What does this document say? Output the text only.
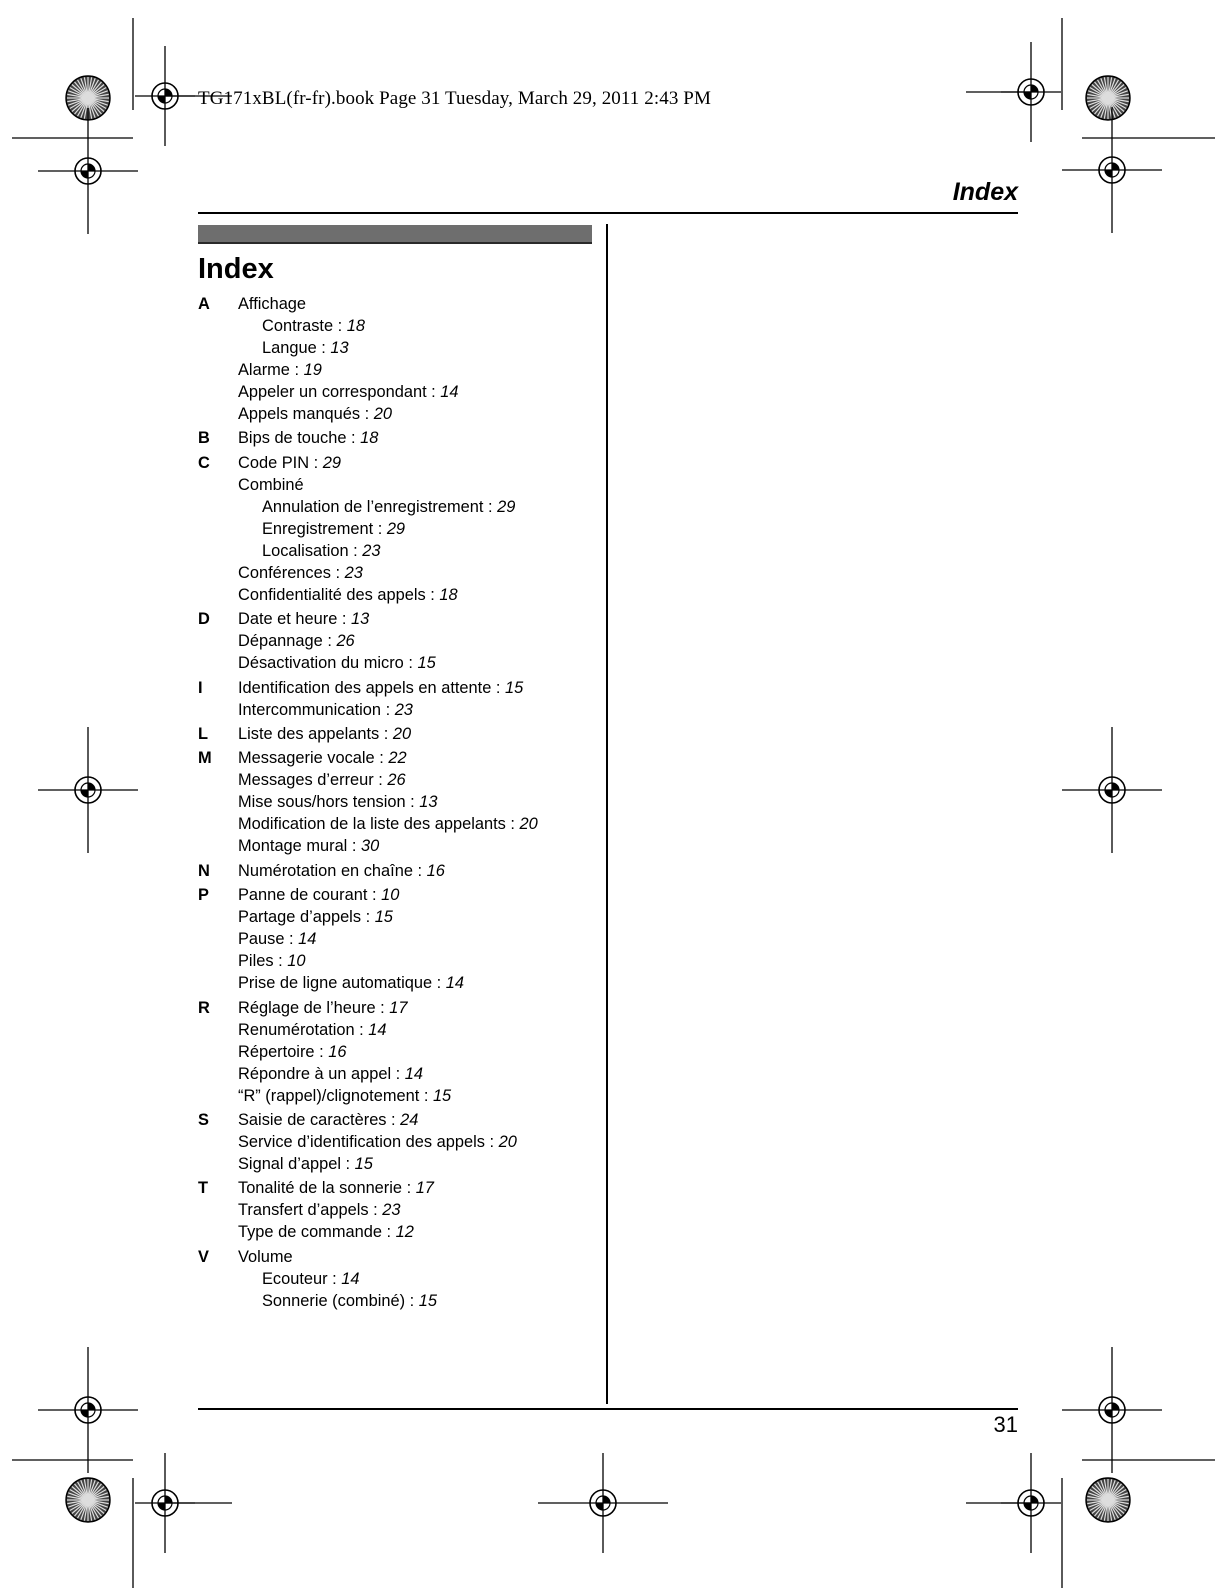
TG171xBL(fr-fr).book Page 31 Tuesday, March 29, 2011 2:43 PM
Index
Index
A	Affichage
Contraste : 18
Langue : 13
Alarme : 19
Appeler un correspondant : 14
Appels manqués : 20
B	Bips de touche : 18
C	Code PIN : 29
Combiné
Annulation de l’enregistrement : 29
Enregistrement : 29
Localisation : 23
Conférences : 23
Confidentialité des appels : 18
D	Date et heure : 13
Dépannage : 26
Désactivation du micro : 15
I	Identification des appels en attente : 15
Intercommunication : 23
L	Liste des appelants : 20
M	Messagerie vocale : 22
Messages d’erreur : 26
Mise sous/hors tension : 13
Modification de la liste des appelants : 20
Montage mural : 30
N	Numérotation en chaîne : 16
P	Panne de courant : 10
Partage d’appels : 15
Pause : 14
Piles : 10
Prise de ligne automatique : 14
R	Réglage de l’heure : 17
Renumérotation : 14
Répertoire : 16
Répondre à un appel : 14
“R” (rappel)/clignotement : 15
S	Saisie de caractères : 24
Service d’identification des appels : 20
Signal d’appel : 15
T	Tonalité de la sonnerie : 17
Transfert d’appels : 23
Type de commande : 12
V	Volume
Ecouteur : 14
Sonnerie (combiné) : 15
31
